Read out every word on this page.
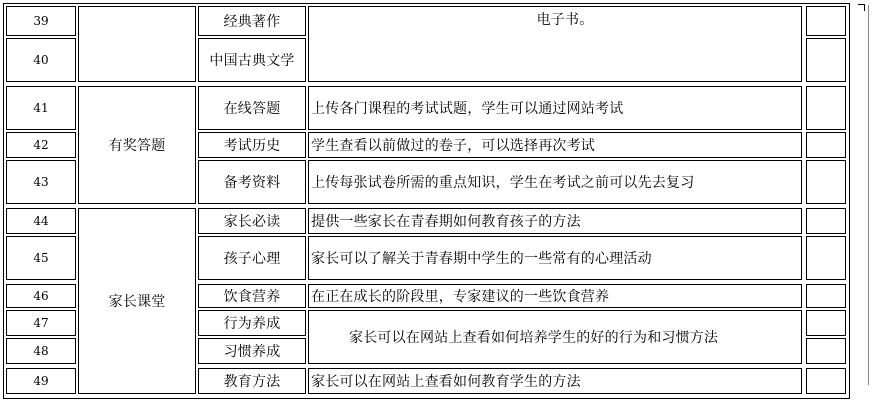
39
40
41
42
43
44
45
46
47
48
49
有奖答题
家长课堂
经典著作
中国古典文学
在线答题
考试历史
备考资料
家长必读
孩子心理
饮食营养
行为养成
习惯养成
教育方法
电子书。
上传各门课程的考试试题，学生可以通过网站考试
学生查看以前做过的卷子，可以选择再次考试
上传每张试卷所需的重点知识，学生在考试之前可以先去复习
提供一些家长在青春期如何教育孩子的方法
家长可以了解关于青春期中学生的一些常有的心理活动
在正在成长的阶段里，专家建议的一些饮食营养
家长可以在网站上查看如何培养学生的好的行为和习惯方法
家长可以在网站上查看如何教育学生的方法
